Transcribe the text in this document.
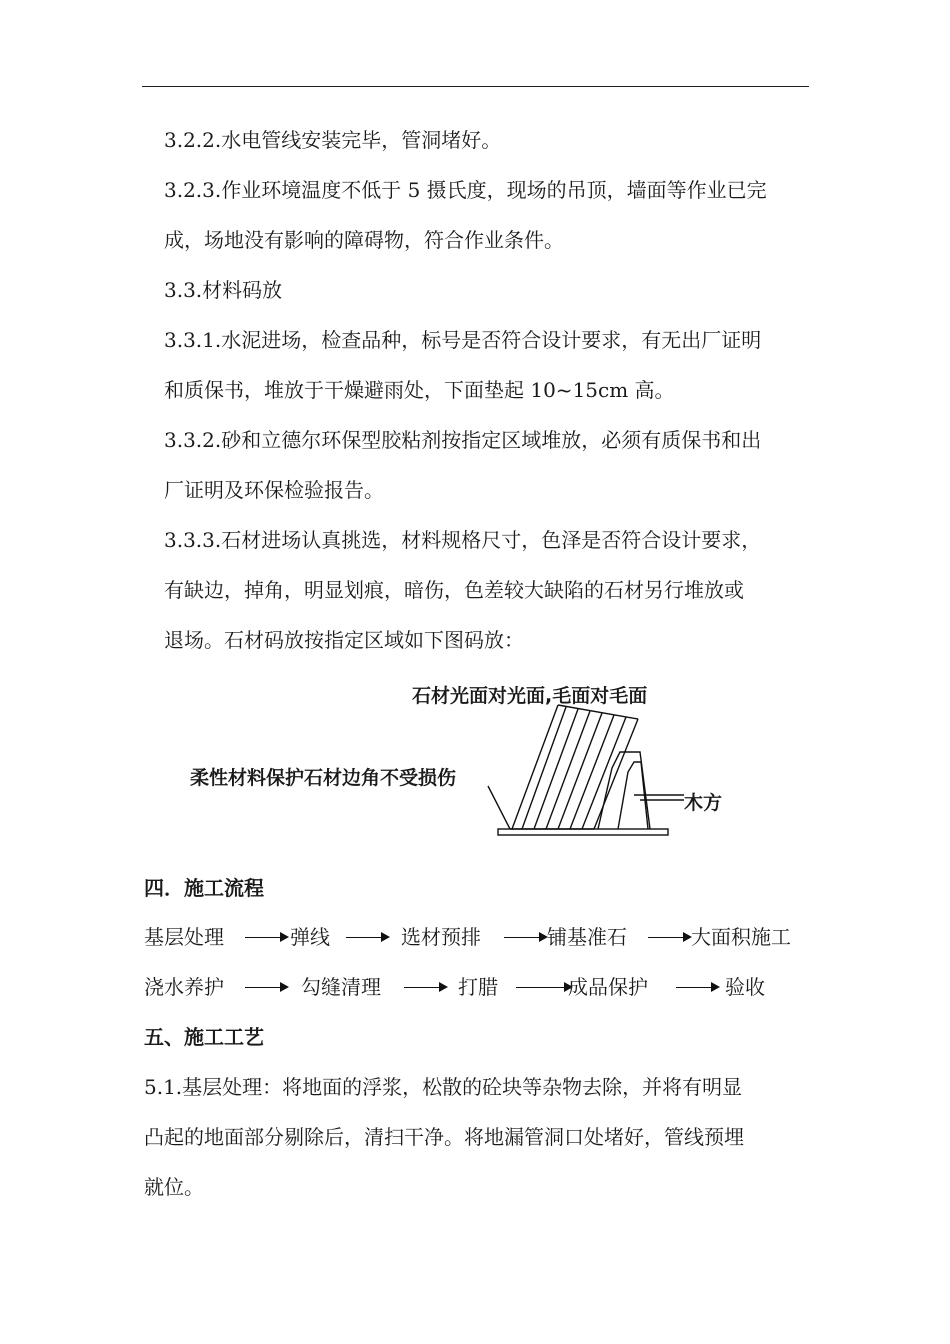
3.2.2.水电管线安装完毕，管洞堵好。
3.2.3.作业环境温度不低于 5 摄氏度，现场的吊顶，墙面等作业已完
成，场地没有影响的障碍物，符合作业条件。
3.3.材料码放
3.3.1.水泥进场，检查品种，标号是否符合设计要求，有无出厂证明
和质保书，堆放于干燥避雨处，下面垫起 10~15cm 高。
3.3.2.砂和立德尔环保型胶粘剂按指定区域堆放，必须有质保书和出
厂证明及环保检验报告。
3.3.3.石材进场认真挑选，材料规格尺寸，色泽是否符合设计要求，
有缺边，掉角，明显划痕，暗伤，色差较大缺陷的石材另行堆放或
退场。石材码放按指定区域如下图码放：
石材光面对光面,毛面对毛面
柔性材料保护石材边角不受损伤
木方
四．施工流程
基层处理	弹线	选材预排	铺基准石	大面积施工
浇水养护	勾缝清理	打腊	成品保护	验收
五、施工工艺
5.1.基层处理：将地面的浮浆，松散的砼块等杂物去除，并将有明显
凸起的地面部分剔除后，清扫干净。将地漏管洞口处堵好，管线预埋
就位。
